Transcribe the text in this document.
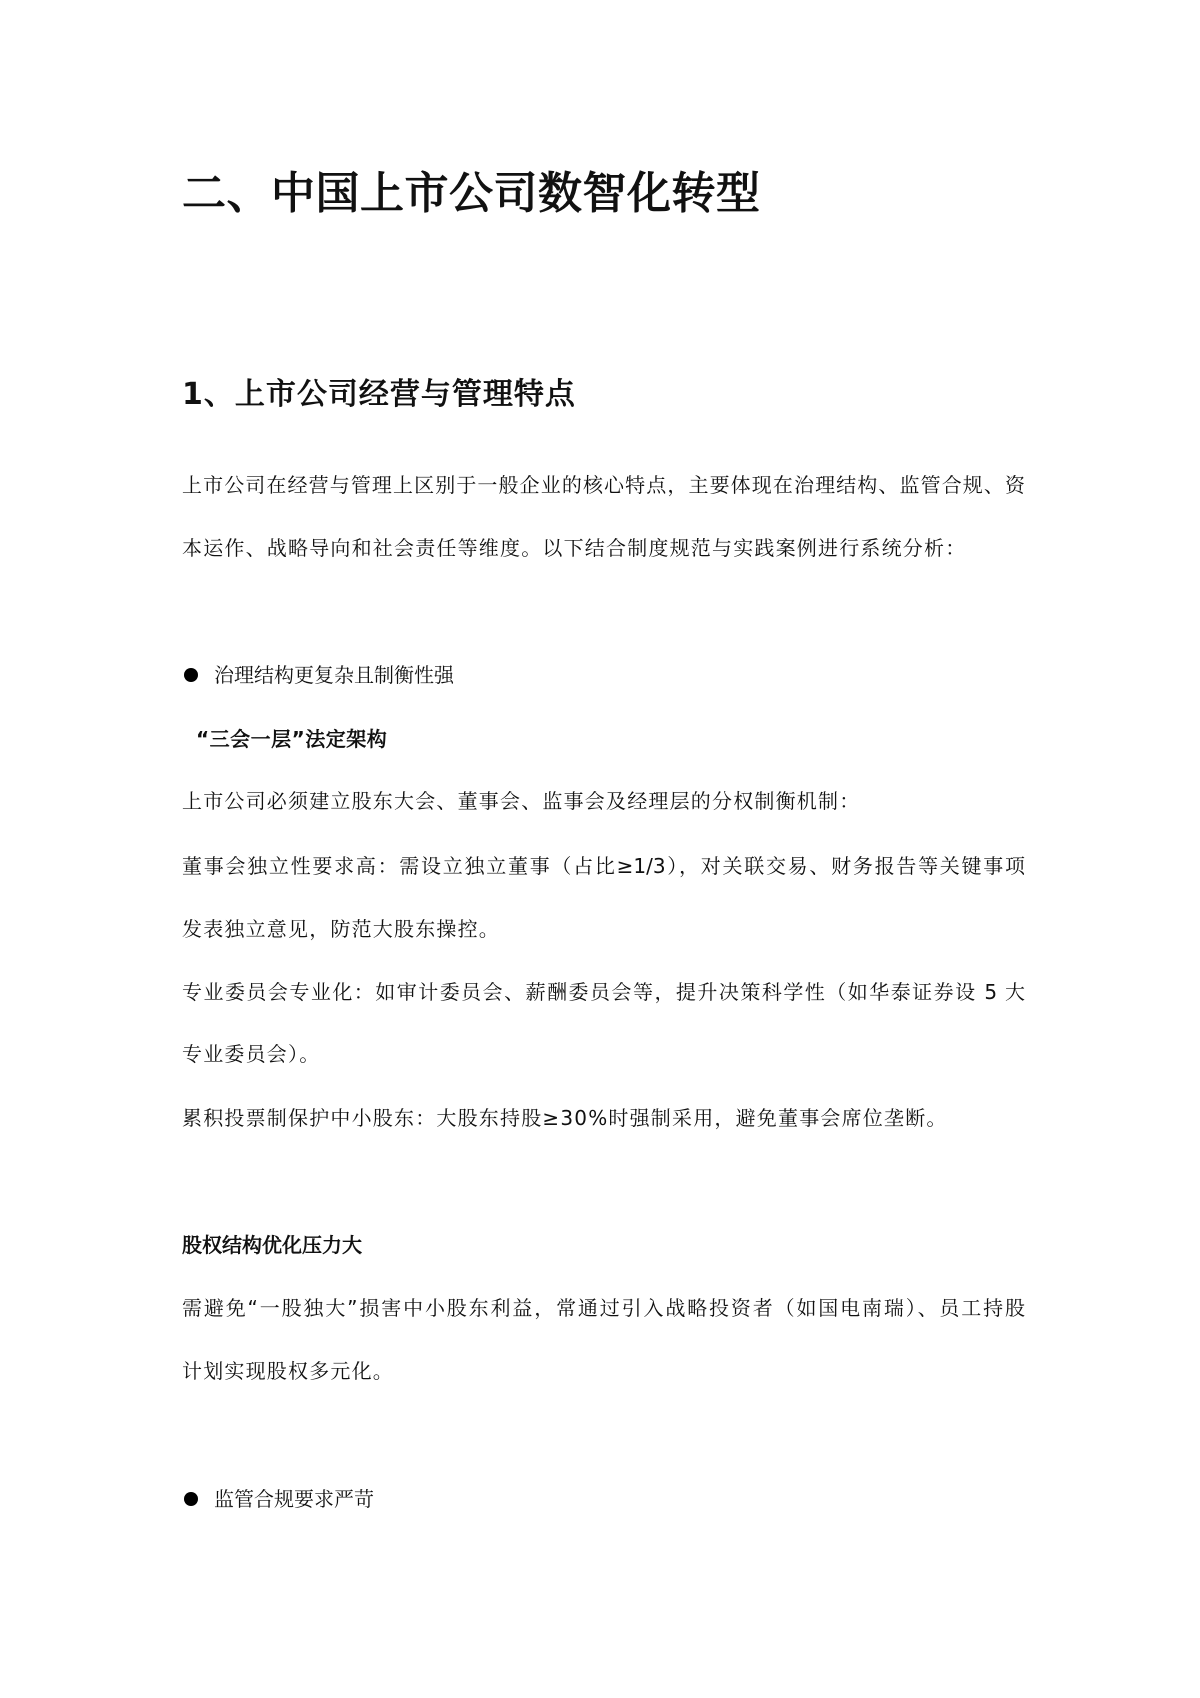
二、中国上市公司数智化转型
1、上市公司经营与管理特点
上市公司在经营与管理上区别于一般企业的核心特点，主要体现在治理结构、监管合规、资
本运作、战略导向和社会责任等维度。以下结合制度规范与实践案例进行系统分析：
治理结构更复杂且制衡性强
“三会一层”法定架构
上市公司必须建立股东大会、董事会、监事会及经理层的分权制衡机制：
董事会独立性要求高：需设立独立董事（占比≥1/3），对关联交易、财务报告等关键事项
发表独立意见，防范大股东操控。
专业委员会专业化：如审计委员会、薪酬委员会等，提升决策科学性（如华泰证券设 5 大
专业委员会）。
累积投票制保护中小股东：大股东持股≥30%时强制采用，避免董事会席位垄断。
股权结构优化压力大
需避免“一股独大”损害中小股东利益，常通过引入战略投资者（如国电南瑞）、员工持股
计划实现股权多元化。
监管合规要求严苛
